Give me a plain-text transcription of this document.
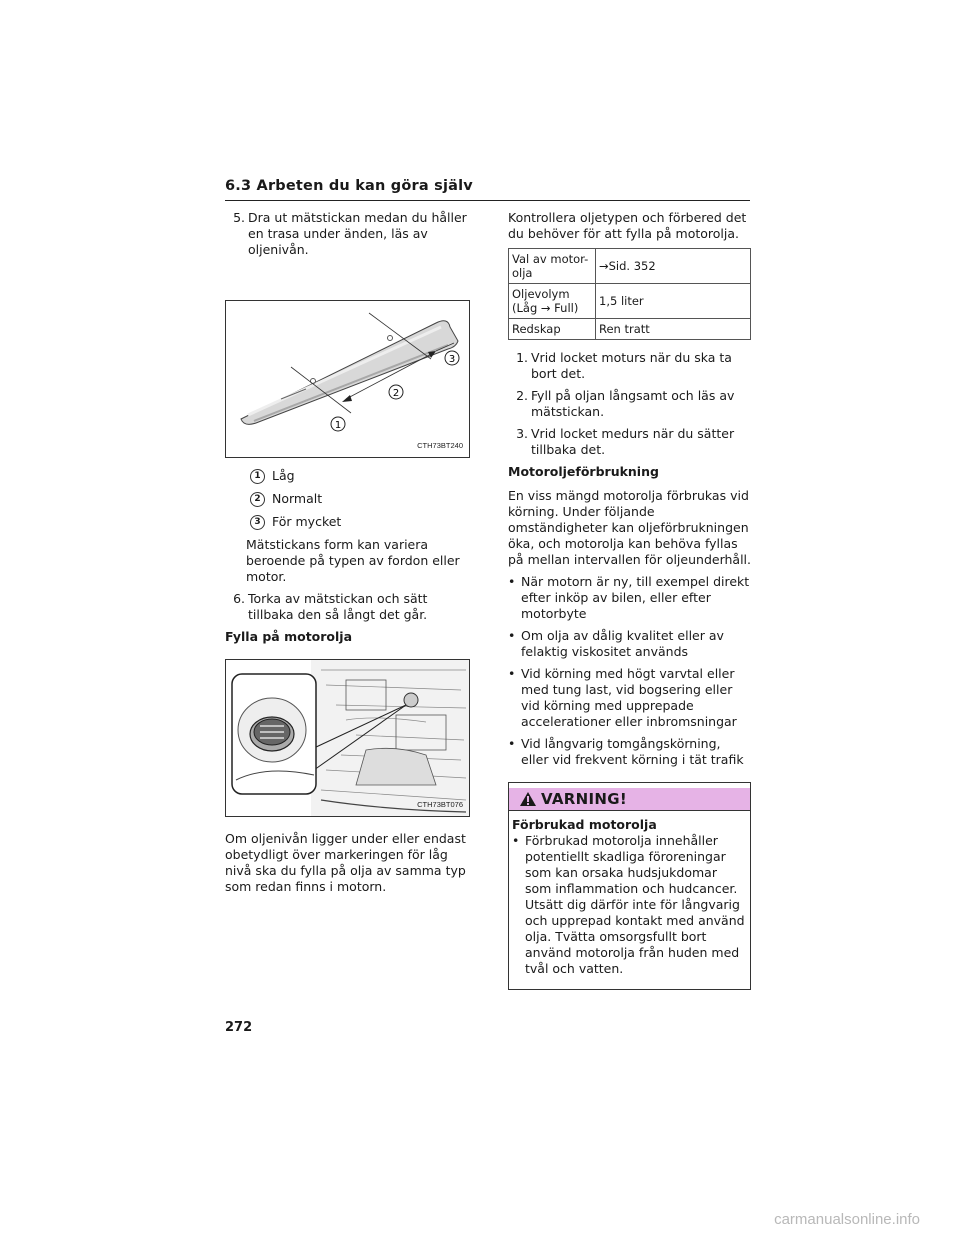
6.3 Arbeten du kan göra själv
5. Dra ut mätstickan medan du håller en trasa under änden, läs av oljenivån.
1
2
3
CTH73BT240
1 Låg
2 Normalt
3 För mycket

Mätstickans form kan variera beroende på typen av fordon eller motor.

6. Torka av mätstickan och sätt tillbaka den så långt det går.
Fylla på motorolja
CTH73BT076

Om oljenivån ligger under eller endast obetydligt över markeringen för låg nivå ska du fylla på olja av samma typ som redan finns i motorn.

Kontrollera oljetypen och förbered det du behöver för att fylla på motorolja.

Val av motor-olja	→Sid. 352
Oljevolym (Låg → Full)	1,5 liter
Redskap	Ren tratt
1. Vrid locket moturs när du ska ta bort det.
2. Fyll på oljan långsamt och läs av mätstickan.
3. Vrid locket medurs när du sätter tillbaka det.
Motoroljeförbrukning

En viss mängd motorolja förbrukas vid körning. Under följande omständigheter kan oljeförbrukningen öka, och motorolja kan behöva fyllas på mellan intervallen för oljeunderhåll.

• När motorn är ny, till exempel direkt efter inköp av bilen, eller efter motorbyte
• Om olja av dålig kvalitet eller av felaktig viskositet används
• Vid körning med högt varvtal eller med tung last, vid bogsering eller vid körning med upprepade accelerationer eller inbromsningar
• Vid långvarig tomgångskörning, eller vid frekvent körning i tät trafik
VARNING!
Förbrukad motorolja
• Förbrukad motorolja innehåller potentiellt skadliga föroreningar som kan orsaka hudsjukdomar som inflammation och hudcancer. Utsätt dig därför inte för långvarig och upprepad kontakt med använd olja. Tvätta omsorgsfullt bort använd motorolja från huden med tvål och vatten.
272
carmanualsonline.info
